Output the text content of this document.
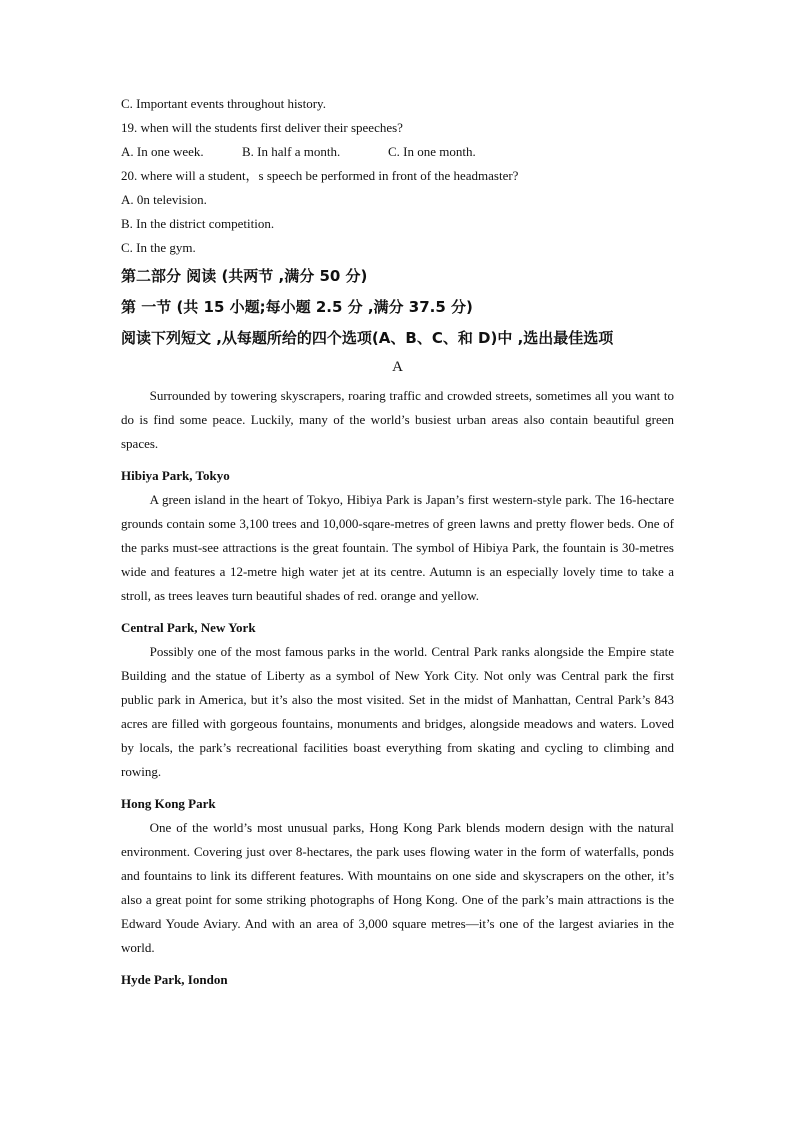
C. Important events throughout history.
19. when will the students first deliver their speeches?
A. In one week.	B. In half a month.	C. In one month.
20. where will a student，s speech be performed in front of the headmaster?
A. 0n television.
B. In the district competition.
C. In the gym.
第二部分 阅读 (共两节 ,满分 50 分)
第 一节 (共 15 小题;每小题 2.5 分 ,满分 37.5 分)
阅读下列短文 ,从每题所给的四个选项(A、B、C、和 D)中 ,选出最佳选项
A

Surrounded by towering skyscrapers, roaring traffic and crowded streets, sometimes all you want to do is find some peace. Luckily, many of the world’s busiest urban areas also contain beautiful green spaces.

Hibiya Park, Tokyo

A green island in the heart of Tokyo, Hibiya Park is Japan’s first western-style park. The 16-hectare grounds contain some 3,100 trees and 10,000-sqare-metres of green lawns and pretty flower beds. One of the parks must-see attractions is the great fountain. The symbol of Hibiya Park, the fountain is 30-metres wide and features a 12-metre high water jet at its centre. Autumn is an especially lovely time to take a stroll, as trees leaves turn beautiful shades of red. orange and yellow.

Central Park, New York

Possibly one of the most famous parks in the world. Central Park ranks alongside the Empire state Building and the statue of Liberty as a symbol of New York City. Not only was Central park the first public park in America, but it’s also the most visited. Set in the midst of Manhattan, Central Park’s 843 acres are filled with gorgeous fountains, monuments and bridges, alongside meadows and waters. Loved by locals, the park’s recreational facilities boast everything from skating and cycling to climbing and rowing.

Hong Kong Park

One of the world’s most unusual parks, Hong Kong Park blends modern design with the natural environment. Covering just over 8-hectares, the park uses flowing water in the form of waterfalls, ponds and fountains to link its different features. With mountains on one side and skyscrapers on the other, it’s also a great point for some striking photographs of Hong Kong. One of the park’s main attractions is the Edward Youde Aviary. And with an area of 3,000 square metres—it’s one of the largest aviaries in the world.

Hyde Park, Iondon
